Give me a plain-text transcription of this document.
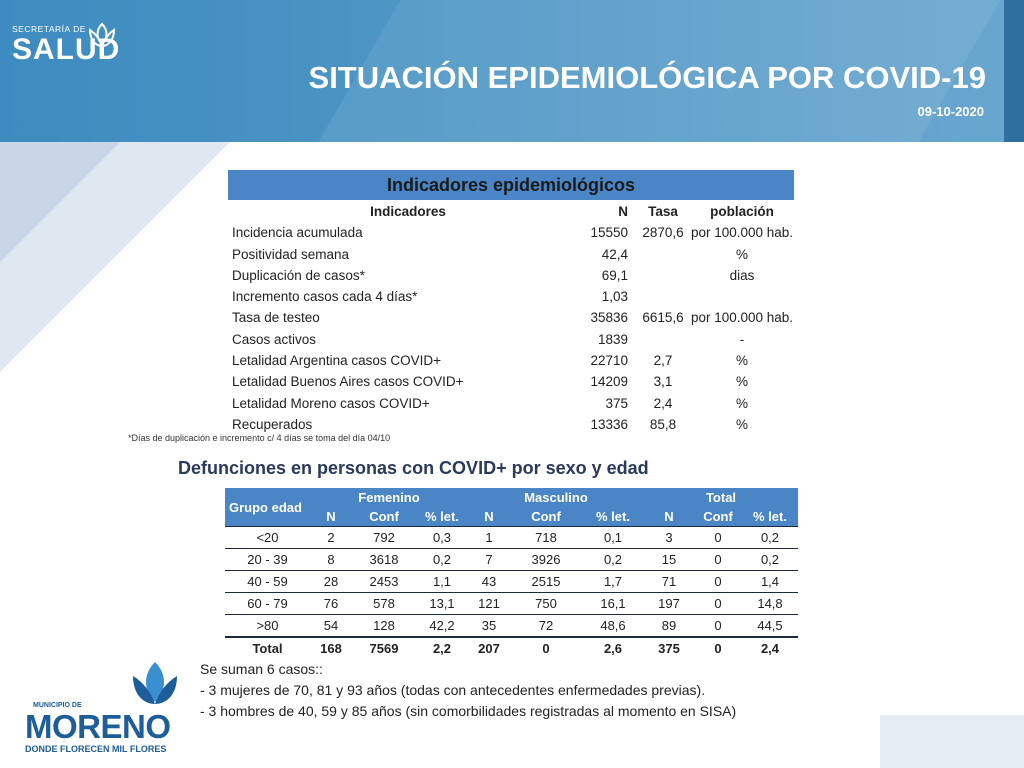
SECRETARÍA DE
SALUD
SITUACIÓN EPIDEMIOLÓGICA POR COVID-19
09-10-2020
Indicadores epidemiológicos
Indicadores	N	Tasa	población
Incidencia acumulada	15550	2870,6	por 100.000 hab.
Positividad semana	42,4		%
Duplicación de casos*	69,1		dias
Incremento casos cada 4 días*	1,03		
Tasa de testeo	35836	6615,6	por 100.000 hab.
Casos activos	1839		-
Letalidad Argentina casos COVID+	22710	2,7	%
Letalidad Buenos Aires casos COVID+	14209	3,1	%
Letalidad Moreno casos COVID+	375	2,4	%
Recuperados	13336	85,8	%
*Días de duplicación e incremento c/ 4 días se toma del día 04/10
Defunciones en personas con COVID+ por sexo y edad
Grupo edad	Femenino			Masculino			Total		
	N	Conf	% let.	N	Conf	% let.	N	Conf	% let.
<20	2	792	0,3	1	718	0,1	3	0	0,2
20 - 39	8	3618	0,2	7	3926	0,2	15	0	0,2
40 - 59	28	2453	1,1	43	2515	1,7	71	0	1,4
60 - 79	76	578	13,1	121	750	16,1	197	0	14,8
>80	54	128	42,2	35	72	48,6	89	0	44,5
Total	168	7569	2,2	207	0	2,6	375	0	2,4
Se suman 6 casos::
- 3 mujeres de 70, 81 y 93 años (todas con antecedentes enfermedades previas).
- 3 hombres de 40, 59 y 85 años (sin comorbilidades registradas al momento en SISA)
MUNICIPIO DE
MORENO
DONDE FLORECEN MIL FLORES
